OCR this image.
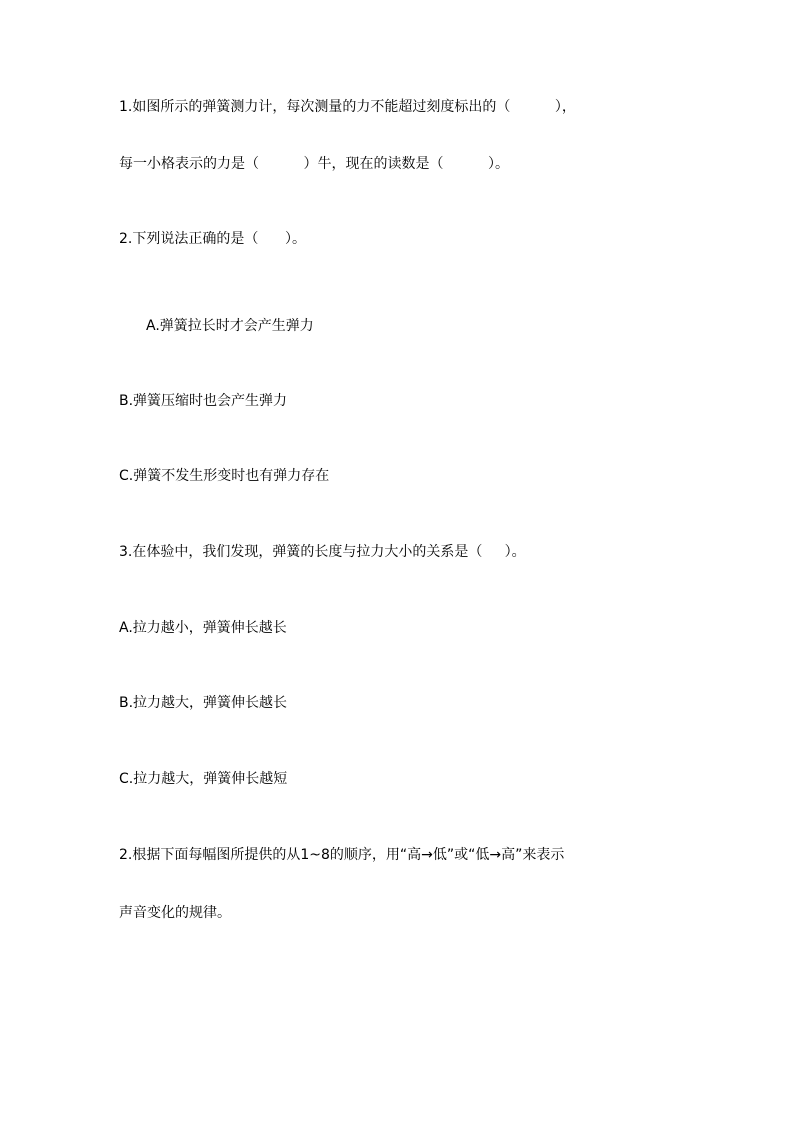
1.如图所示的弹簧测力计，每次测量的力不能超过刻度标出的（          ），

每一小格表示的力是（          ）牛，现在的读数是（          ）。

2.下列说法正确的是（      ）。

A.弹簧拉长时才会产生弹力

B.弹簧压缩时也会产生弹力

C.弹簧不发生形变时也有弹力存在

3.在体验中，我们发现，弹簧的长度与拉力大小的关系是（     ）。

A.拉力越小，弹簧伸长越长

B.拉力越大，弹簧伸长越长

C.拉力越大，弹簧伸长越短

2.根据下面每幅图所提供的从1~8的顺序，用“高→低”或“低→高”来表示

声音变化的规律。
